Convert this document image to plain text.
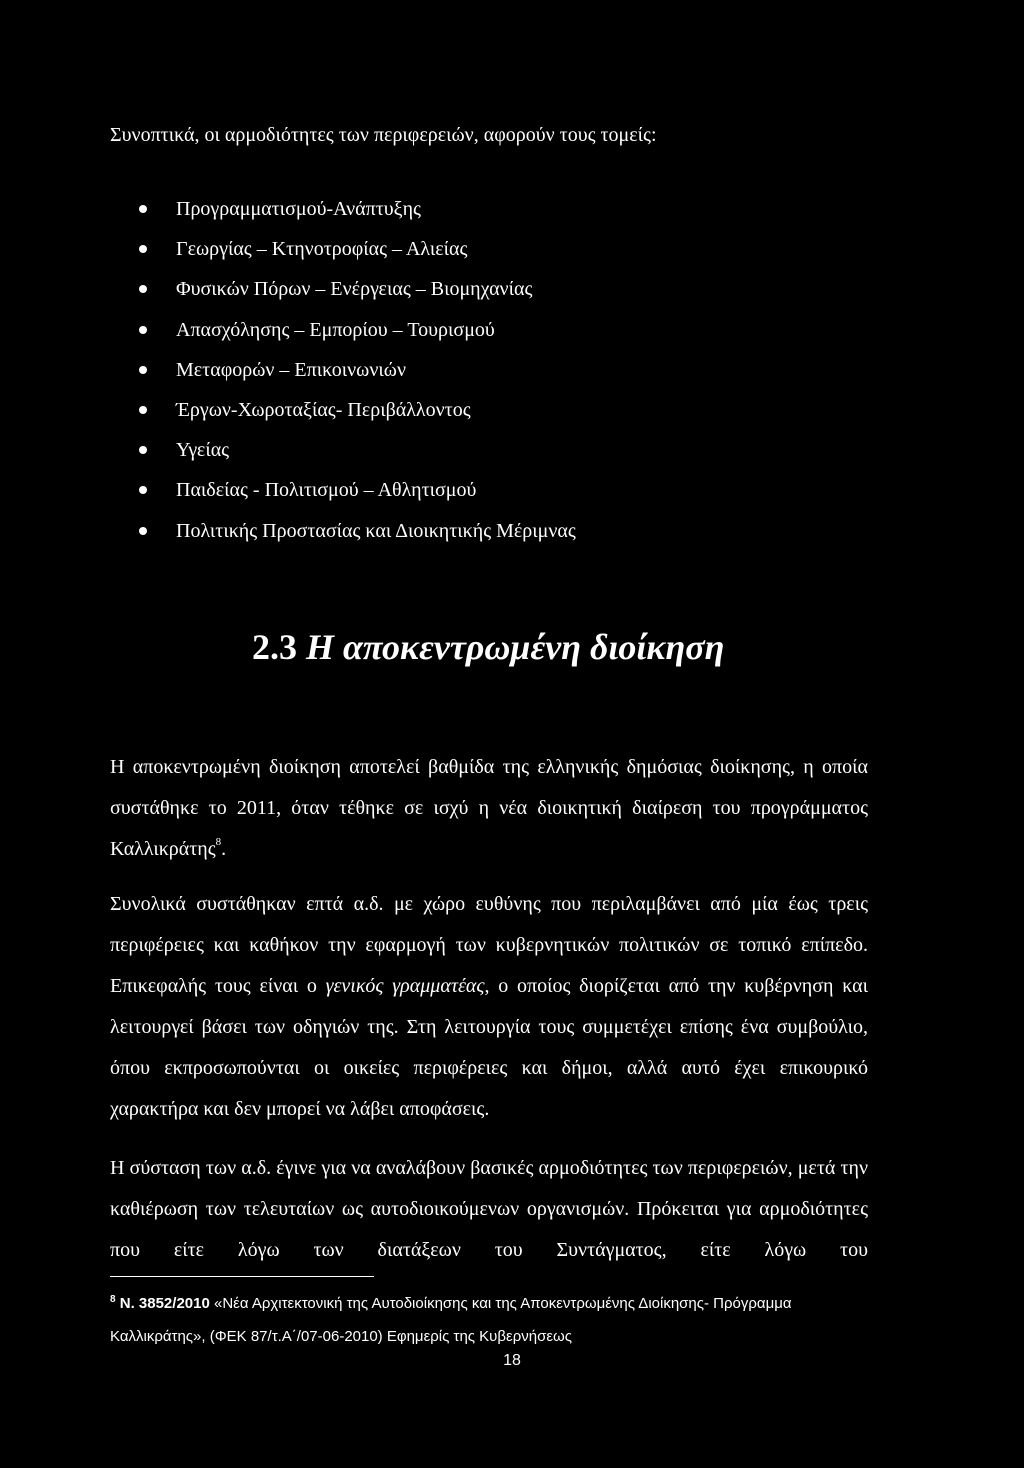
Συνοπτικά, οι αρμοδιότητες των περιφερειών, αφορούν τους τομείς:

Προγραμματισμού-Ανάπτυξης
Γεωργίας – Κτηνοτροφίας – Αλιείας
Φυσικών Πόρων – Ενέργειας – Βιομηχανίας
Απασχόλησης – Εμπορίου – Τουρισμού
Μεταφορών – Επικοινωνιών
Έργων-Χωροταξίας- Περιβάλλοντος
Υγείας
Παιδείας - Πολιτισμού – Αθλητισμού
Πολιτικής Προστασίας και Διοικητικής Μέριμνας
2.3 Η αποκεντρωμένη διοίκηση

Η αποκεντρωμένη διοίκηση αποτελεί βαθμίδα της ελληνικής δημόσιας διοίκησης, η οποία συστάθηκε το 2011, όταν τέθηκε σε ισχύ η νέα διοικητική διαίρεση του προγράμματος Καλλικράτης$^8$.

Συνολικά συστάθηκαν επτά α.δ. με χώρο ευθύνης που περιλαμβάνει από μία έως τρεις περιφέρειες και καθήκον την εφαρμογή των κυβερνητικών πολιτικών σε τοπικό επίπεδο. Επικεφαλής τους είναι ο γενικός γραμματέας, ο οποίος διορίζεται από την κυβέρνηση και λειτουργεί βάσει των οδηγιών της. Στη λειτουργία τους συμμετέχει επίσης ένα συμβούλιο, όπου εκπροσωπούνται οι οικείες περιφέρειες και δήμοι, αλλά αυτό έχει επικουρικό χαρακτήρα και δεν μπορεί να λάβει αποφάσεις.

Η σύσταση των α.δ. έγινε για να αναλάβουν βασικές αρμοδιότητες των περιφερειών, μετά την καθιέρωση των τελευταίων ως αυτοδιοικούμενων οργανισμών. Πρόκειται για αρμοδιότητες που είτε λόγω των διατάξεων του Συντάγματος, είτε λόγω του

$^8$ Ν. 3852/2010 «Νέα Αρχιτεκτονική της Αυτοδιοίκησης και της Αποκεντρωμένης Διοίκησης- Πρόγραμμα Καλλικράτης», (ΦΕΚ 87/τ.Α΄/07-06-2010) Εφημερίς της Κυβερνήσεως

18
